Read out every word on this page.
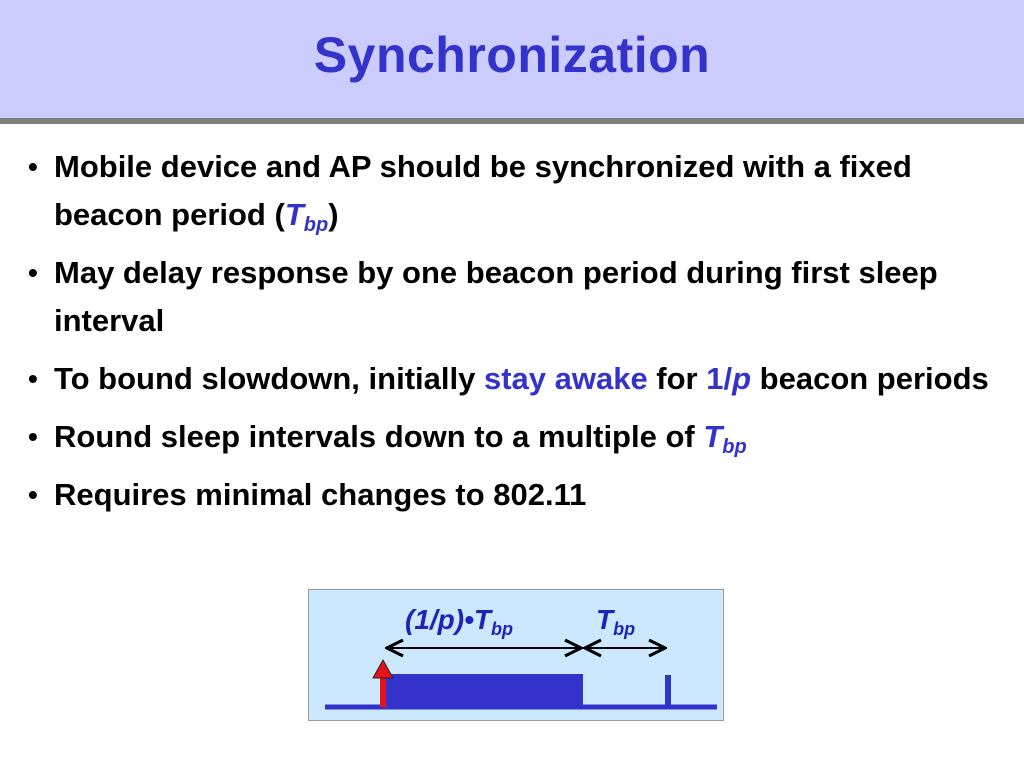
Synchronization
• Mobile device and AP should be synchronized with a fixed beacon period $(T_{bp})$
• May delay response by one beacon period during first sleep interval
• To bound slowdown, initially stay awake for 1/p beacon periods
• Round sleep intervals down to a multiple of $T_{bp}$
• Requires minimal changes to 802.11
$(1/p)•T_{bp}$	$T_{bp}$
